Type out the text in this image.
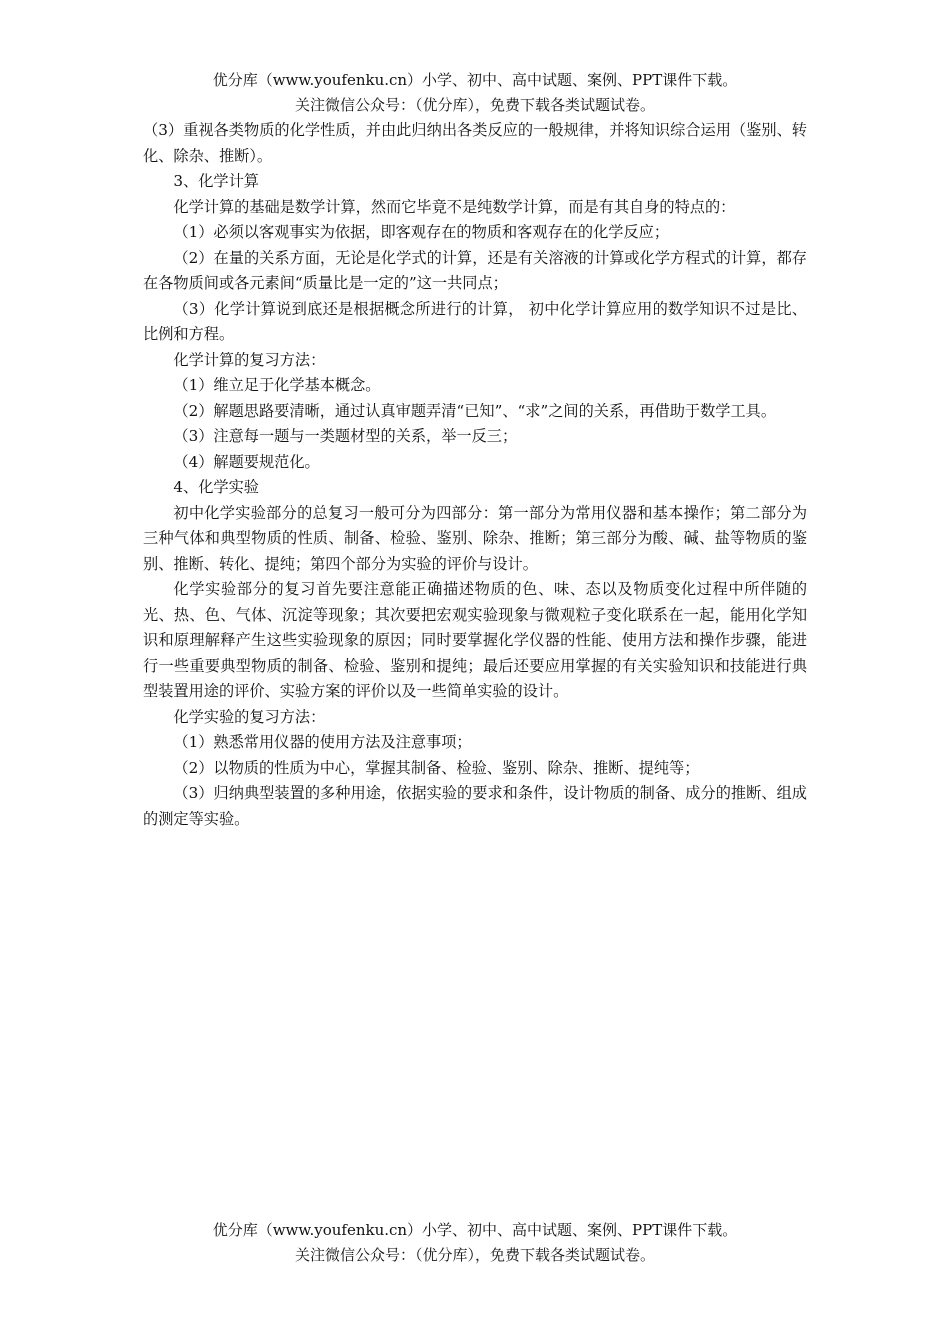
优分库（www.youfenku.cn）小学、初中、高中试题、案例、PPT课件下载。
关注微信公众号：（优分库），免费下载各类试题试卷。

（3）重视各类物质的化学性质，并由此归纳出各类反应的一般规律，并将知识综合运用（鉴别、转化、除杂、推断）。

3、化学计算

化学计算的基础是数学计算，然而它毕竟不是纯数学计算，而是有其自身的特点的：

（1）必须以客观事实为依据，即客观存在的物质和客观存在的化学反应；

（2）在量的关系方面，无论是化学式的计算，还是有关溶液的计算或化学方程式的计算，都存在各物质间或各元素间“质量比是一定的”这一共同点；

（3）化学计算说到底还是根据概念所进行的计算， 初中化学计算应用的数学知识不过是比、比例和方程。

化学计算的复习方法：

（1）维立足于化学基本概念。

（2）解题思路要清晰，通过认真审题弄清“已知”、“求”之间的关系，再借助于数学工具。

（3）注意每一题与一类题材型的关系，举一反三；

（4）解题要规范化。

4、化学实验

初中化学实验部分的总复习一般可分为四部分：第一部分为常用仪器和基本操作；第二部分为三种气体和典型物质的性质、制备、检验、鉴别、除杂、推断；第三部分为酸、碱、盐等物质的鉴别、推断、转化、提纯；第四个部分为实验的评价与设计。

化学实验部分的复习首先要注意能正确描述物质的色、味、态以及物质变化过程中所伴随的光、热、色、气体、沉淀等现象；其次要把宏观实验现象与微观粒子变化联系在一起，能用化学知识和原理解释产生这些实验现象的原因；同时要掌握化学仪器的性能、使用方法和操作步骤，能进行一些重要典型物质的制备、检验、鉴别和提纯；最后还要应用掌握的有关实验知识和技能进行典型装置用途的评价、实验方案的评价以及一些简单实验的设计。

化学实验的复习方法：

（1）熟悉常用仪器的使用方法及注意事项；

（2）以物质的性质为中心，掌握其制备、检验、鉴别、除杂、推断、提纯等；

（3）归纳典型装置的多种用途，依据实验的要求和条件，设计物质的制备、成分的推断、组成的测定等实验。

优分库（www.youfenku.cn）小学、初中、高中试题、案例、PPT课件下载。
关注微信公众号：（优分库），免费下载各类试题试卷。
